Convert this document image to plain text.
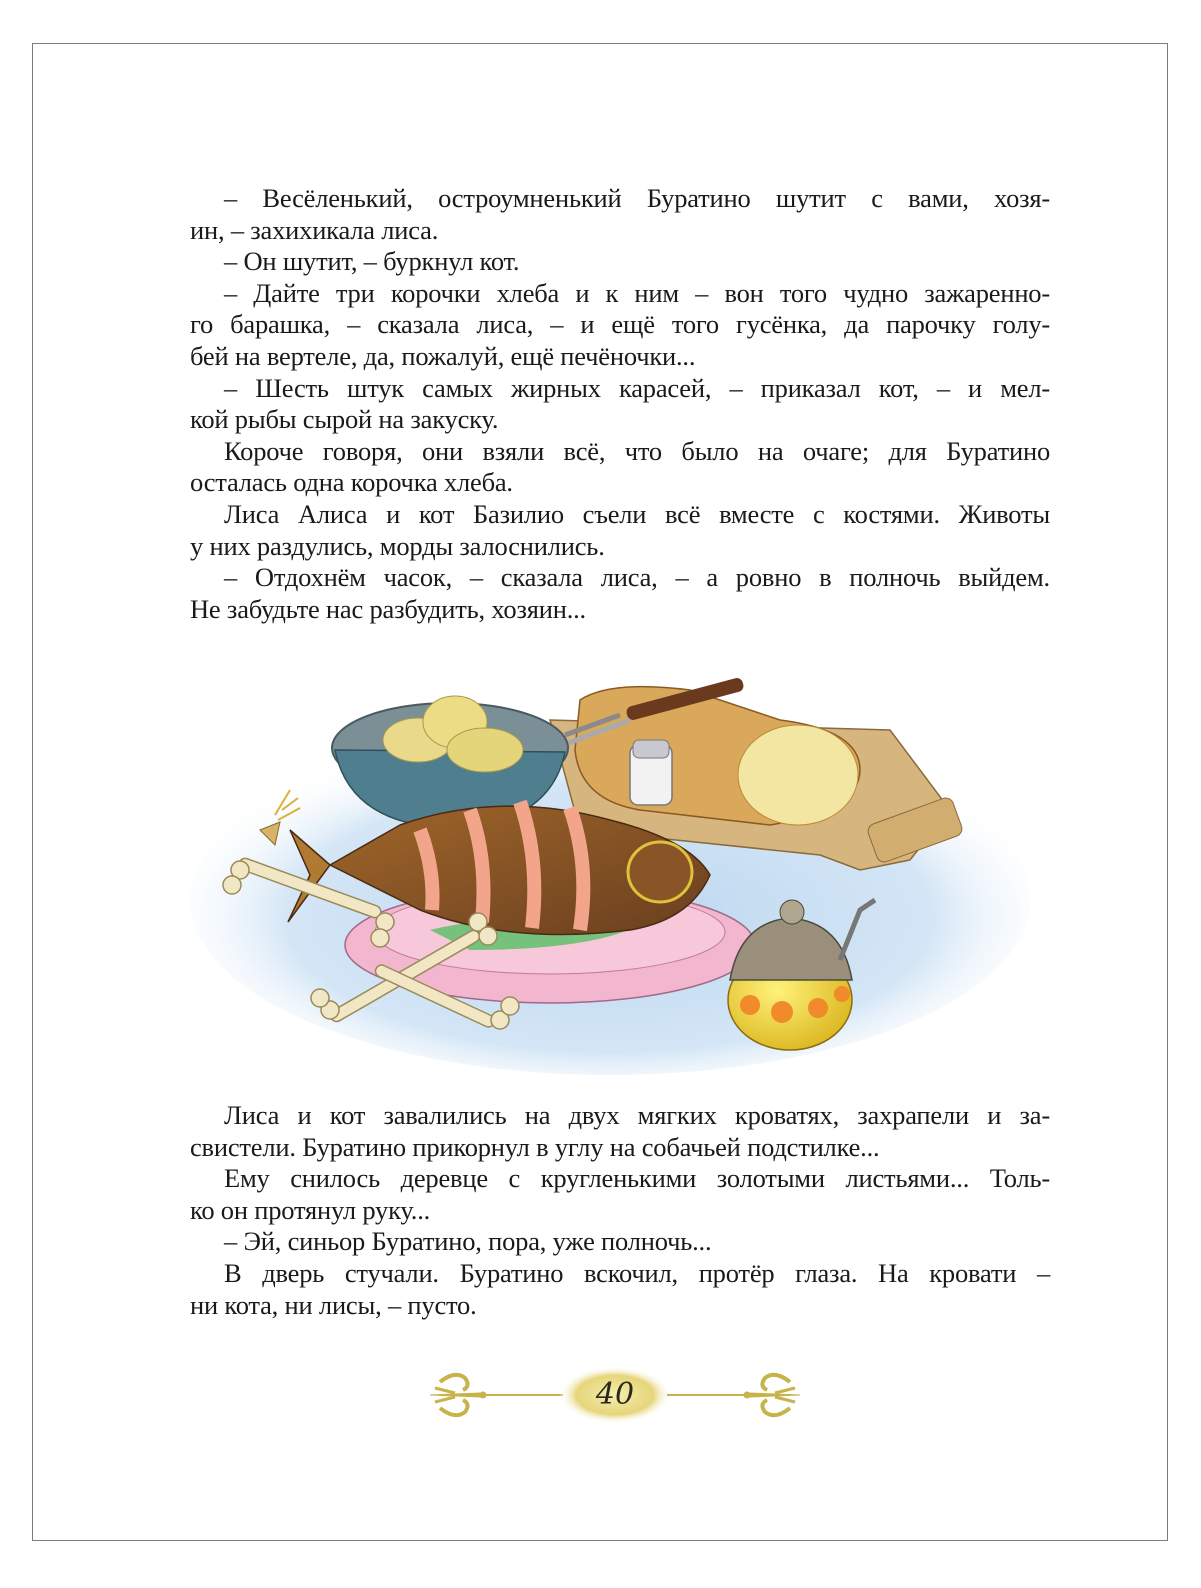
– Весёленький, остроумненький Буратино шутит с вами, хозя-
ин, – захихикала лиса.
– Он шутит, – буркнул кот.
– Дайте три корочки хлеба и к ним – вон того чудно зажаренно-
го барашка, – сказала лиса, – и ещё того гусёнка, да парочку голу-
бей на вертеле, да, пожалуй, ещё печёночки...
– Шесть штук самых жирных карасей, – приказал кот, – и мел-
кой рыбы сырой на закуску.
Короче говоря, они взяли всё, что было на очаге; для Буратино
осталась одна корочка хлеба.
Лиса Алиса и кот Базилио съели всё вместе с костями. Животы
у них раздулись, морды залоснились.
– Отдохнём часок, – сказала лиса, – а ровно в полночь выйдем.
Не забудьте нас разбудить, хозяин...
Лиса и кот завалились на двух мягких кроватях, захрапели и за-
свистели. Буратино прикорнул в углу на собачьей подстилке...
Ему снилось деревце с кругленькими золотыми листьями... Толь-
ко он протянул руку...
– Эй, синьор Буратино, пора, уже полночь...
В дверь стучали. Буратино вскочил, протёр глаза. На кровати –
ни кота, ни лисы, – пусто.
40
